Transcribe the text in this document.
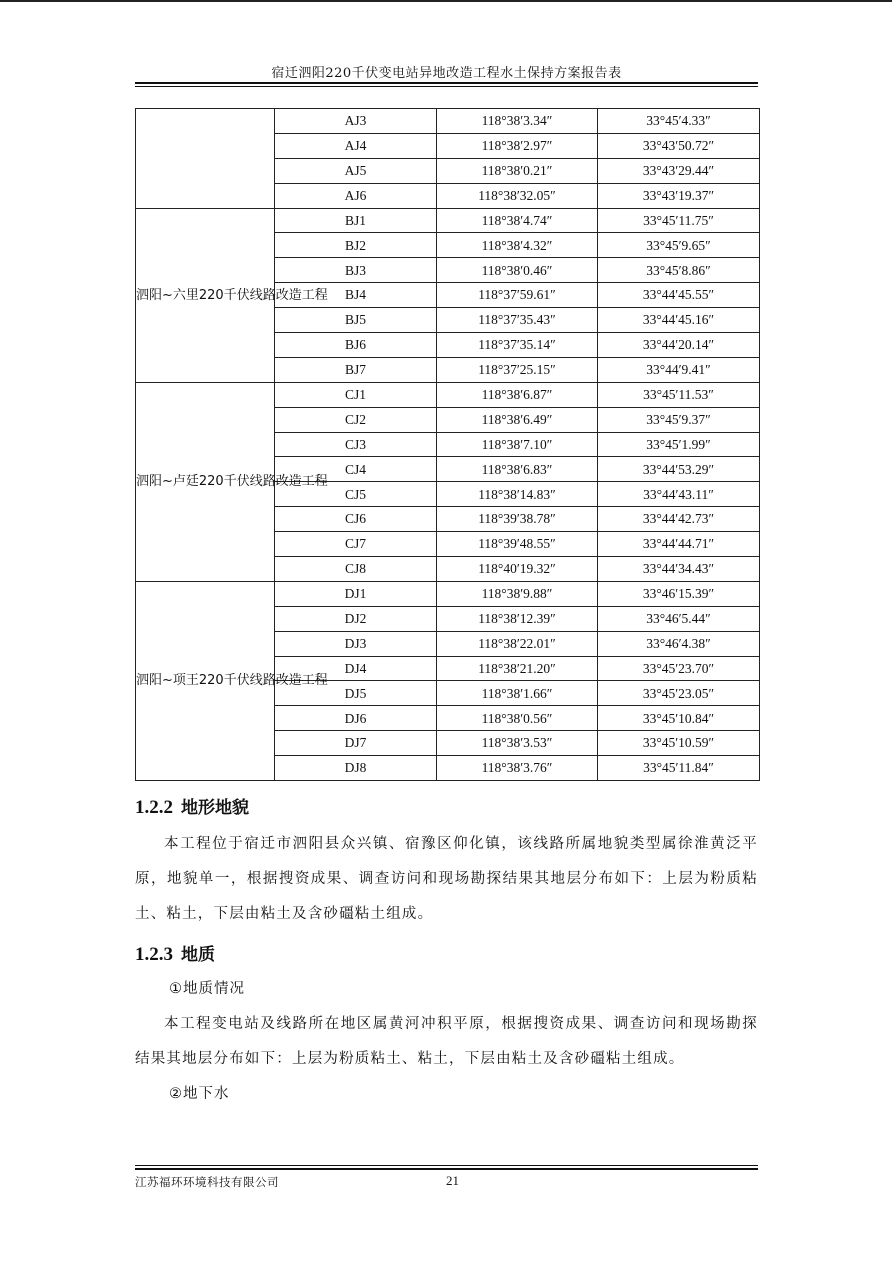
宿迁泗阳220千伏变电站异地改造工程水土保持方案报告表
	AJ3	118°38′3.34″	33°45′4.33″
	AJ4	118°38′2.97″	33°43′50.72″
	AJ5	118°38′0.21″	33°43′29.44″
	AJ6	118°38′32.05″	33°43′19.37″
泗阳~六里220千伏线路改造工程	BJ1	118°38′4.74″	33°45′11.75″
	BJ2	118°38′4.32″	33°45′9.65″
	BJ3	118°38′0.46″	33°45′8.86″
	BJ4	118°37′59.61″	33°44′45.55″
	BJ5	118°37′35.43″	33°44′45.16″
	BJ6	118°37′35.14″	33°44′20.14″
	BJ7	118°37′25.15″	33°44′9.41″
泗阳~卢廷220千伏线路改造工程	CJ1	118°38′6.87″	33°45′11.53″
	CJ2	118°38′6.49″	33°45′9.37″
	CJ3	118°38′7.10″	33°45′1.99″
	CJ4	118°38′6.83″	33°44′53.29″
	CJ5	118°38′14.83″	33°44′43.11″
	CJ6	118°39′38.78″	33°44′42.73″
	CJ7	118°39′48.55″	33°44′44.71″
	CJ8	118°40′19.32″	33°44′34.43″
泗阳~项王220千伏线路改造工程	DJ1	118°38′9.88″	33°46′15.39″
	DJ2	118°38′12.39″	33°46′5.44″
	DJ3	118°38′22.01″	33°46′4.38″
	DJ4	118°38′21.20″	33°45′23.70″
	DJ5	118°38′1.66″	33°45′23.05″
	DJ6	118°38′0.56″	33°45′10.84″
	DJ7	118°38′3.53″	33°45′10.59″
	DJ8	118°38′3.76″	33°45′11.84″
1.2.2 地形地貌
本工程位于宿迁市泗阳县众兴镇、宿豫区仰化镇，该线路所属地貌类型属徐淮黄泛平原，地貌单一，根据搜资成果、调查访问和现场勘探结果其地层分布如下：上层为粉质粘土、粘土，下层由粘土及含砂礓粘土组成。
1.2.3 地质
①地质情况
本工程变电站及线路所在地区属黄河冲积平原，根据搜资成果、调查访问和现场勘探结果其地层分布如下：上层为粉质粘土、粘土，下层由粘土及含砂礓粘土组成。
②地下水
江苏福环环境科技有限公司	21
